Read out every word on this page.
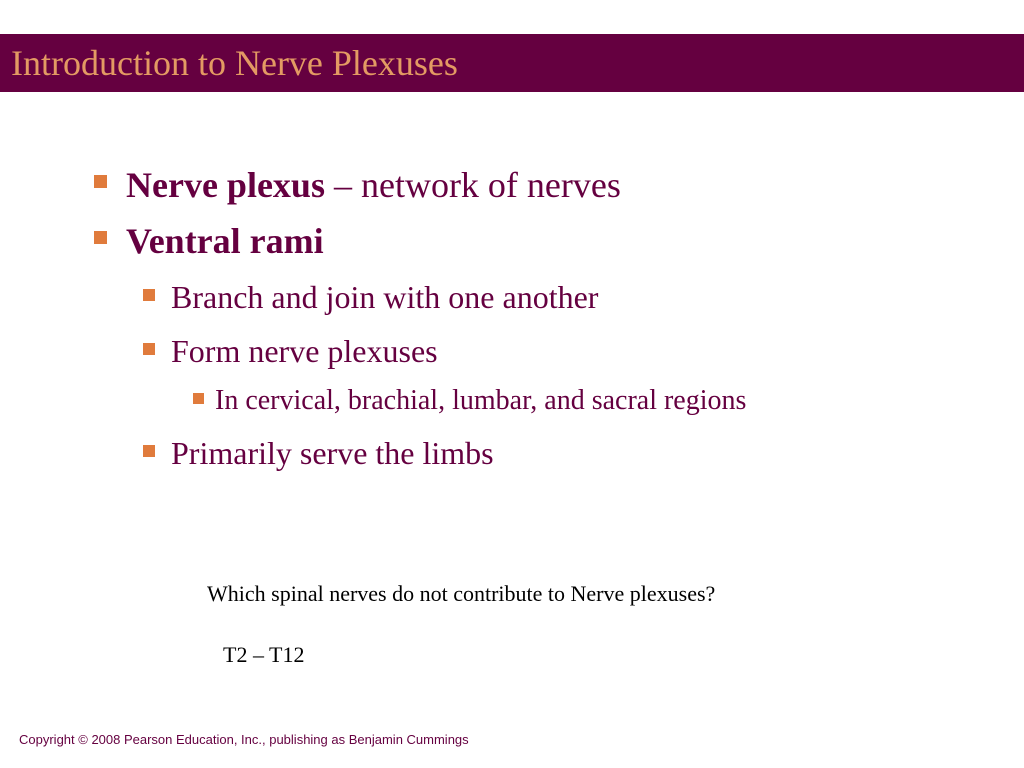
Introduction to Nerve Plexuses
Nerve plexus – network of nerves
Ventral rami
Branch and join with one another
Form nerve plexuses
In cervical, brachial, lumbar, and sacral regions
Primarily serve the limbs
Which spinal nerves do not contribute to Nerve plexuses?
T2 – T12
Copyright © 2008 Pearson Education, Inc., publishing as Benjamin Cummings
